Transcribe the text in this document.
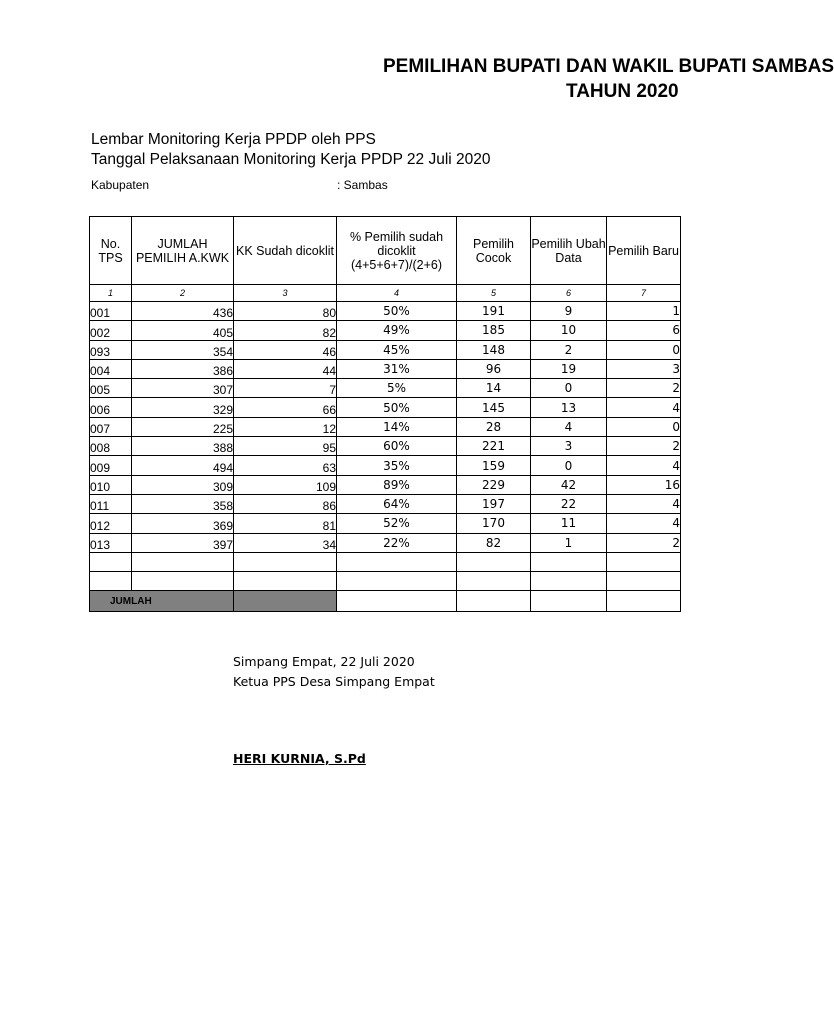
PEMILIHAN BUPATI DAN WAKIL BUPATI SAMBAS
TAHUN 2020
Lembar Monitoring Kerja PPDP oleh PPS
Tanggal Pelaksanaan Monitoring Kerja PPDP 22 Juli 2020
Kabupaten	: Sambas
No. TPS	JUMLAH PEMILIH A.KWK	KK Sudah dicoklit	% Pemilih sudah dicoklit (4+5+6+7)/(2+6)	Pemilih Cocok	Pemilih Ubah Data	Pemilih Baru
1	2	3	4	5	6	7
001	436	80	50%	191	9	1
002	405	82	49%	185	10	6
093	354	46	45%	148	2	0
004	386	44	31%	96	19	3
005	307	7	5%	14	0	2
006	329	66	50%	145	13	4
007	225	12	14%	28	4	0
008	388	95	60%	221	3	2
009	494	63	35%	159	0	4
010	309	109	89%	229	42	16
011	358	86	64%	197	22	4
012	369	81	52%	170	11	4
013	397	34	22%	82	1	2

JUMLAH						
Simpang Empat, 22 Juli 2020
Ketua PPS Desa Simpang Empat
HERI KURNIA, S.Pd
